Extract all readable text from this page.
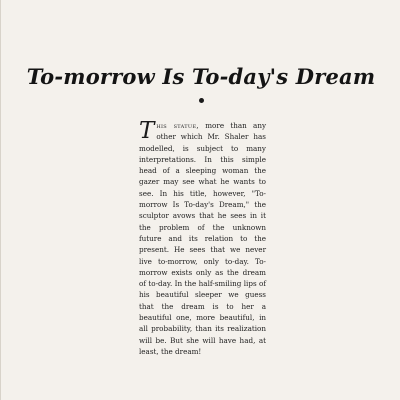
To-morrow Is To-day's Dream

This statue, more than any other which Mr. Shaler has modelled, is subject to many interpretations. In this simple head of a sleeping woman the gazer may see what he wants to see. In his title, however, "To-morrow Is To-day's Dream," the sculptor avows that he sees in it the problem of the unknown future and its relation to the present. He sees that we never live to-morrow, only to-day. To-morrow exists only as the dream of to-day. In the half-smiling lips of his beautiful sleeper we guess that the dream is to her a beautiful one, more beautiful, in all probability, than its realization will be. But she will have had, at least, the dream!
